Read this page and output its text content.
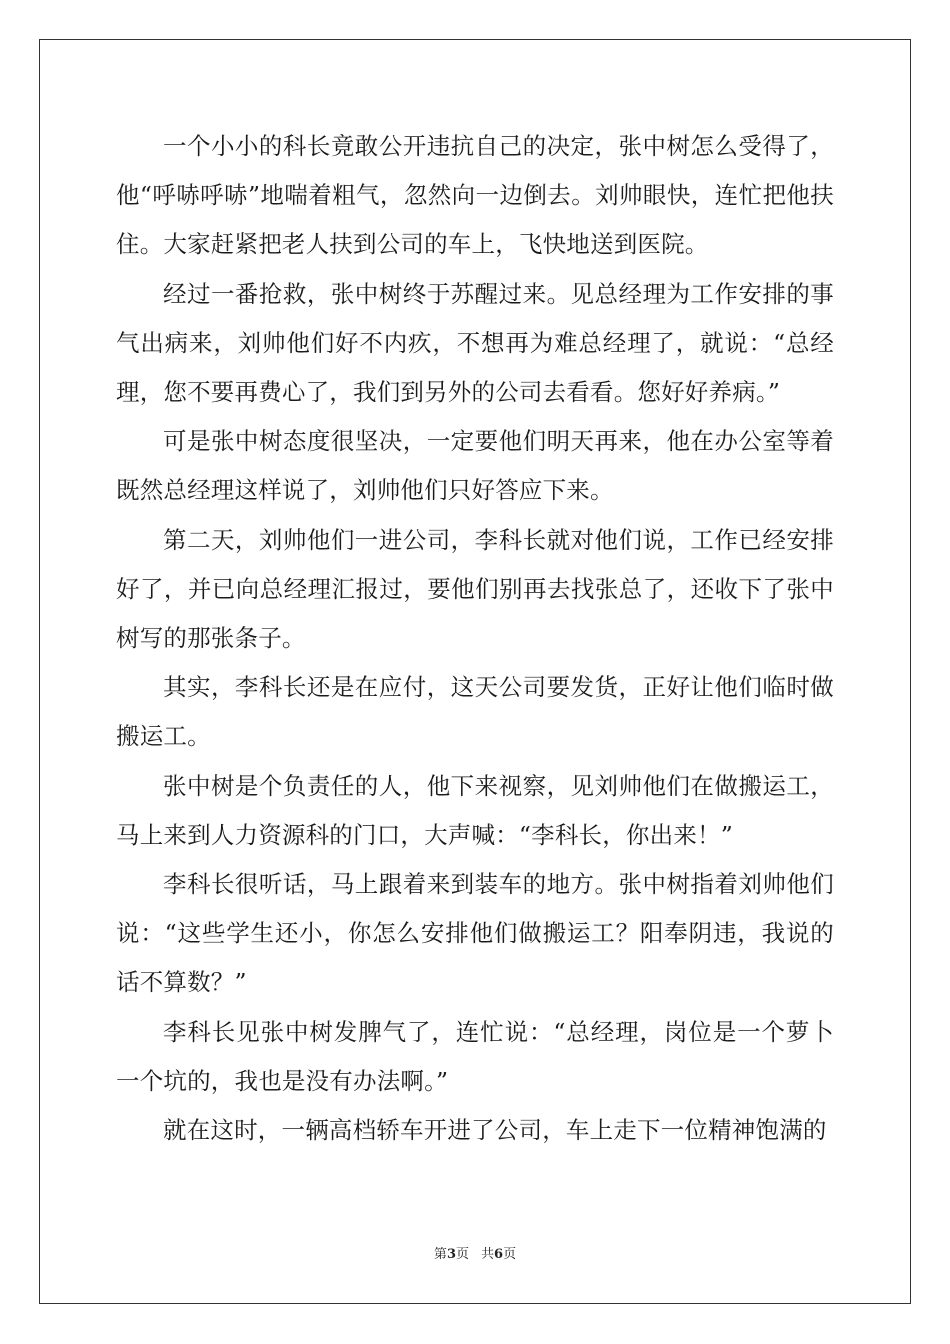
一个小小的科长竟敢公开违抗自己的决定，张中树怎么受得了，他“呼哧呼哧”地喘着粗气，忽然向一边倒去。刘帅眼快，连忙把他扶住。大家赶紧把老人扶到公司的车上，飞快地送到医院。

经过一番抢救，张中树终于苏醒过来。见总经理为工作安排的事气出病来，刘帅他们好不内疚，不想再为难总经理了，就说：“总经理，您不要再费心了，我们到另外的公司去看看。您好好养病。”

可是张中树态度很坚决，一定要他们明天再来，他在办公室等着既然总经理这样说了，刘帅他们只好答应下来。

第二天，刘帅他们一进公司，李科长就对他们说，工作已经安排好了，并已向总经理汇报过，要他们别再去找张总了，还收下了张中树写的那张条子。

其实，李科长还是在应付，这天公司要发货，正好让他们临时做搬运工。

张中树是个负责任的人，他下来视察，见刘帅他们在做搬运工，马上来到人力资源科的门口，大声喊：“李科长，你出来！”

李科长很听话，马上跟着来到装车的地方。张中树指着刘帅他们说：“这些学生还小，你怎么安排他们做搬运工？阳奉阴违，我说的话不算数？”

李科长见张中树发脾气了，连忙说：“总经理，岗位是一个萝卜一个坑的，我也是没有办法啊。”

就在这时，一辆高档轿车开进了公司，车上走下一位精神饱满的

第3页 共6页
